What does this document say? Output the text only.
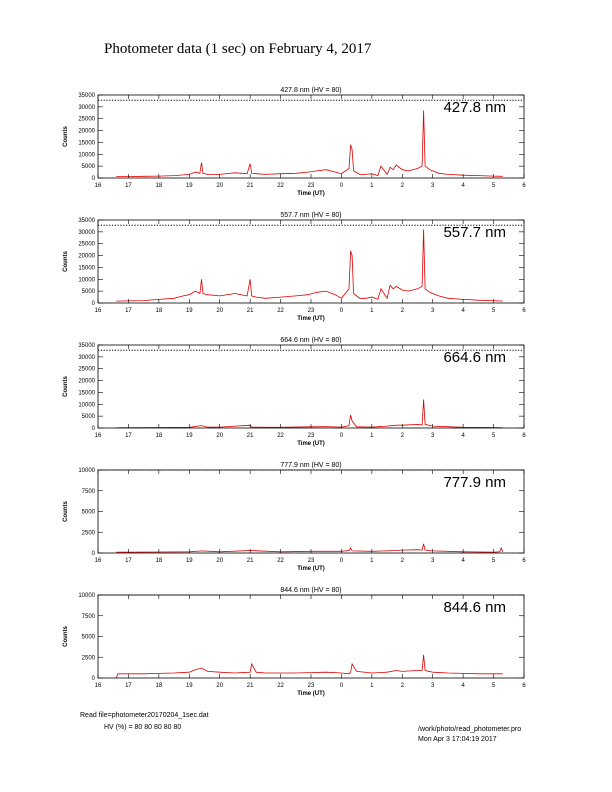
Photometer data (1 sec) on February 4, 2017
427.8 nm (HV = 80)
16	17	18	19	20	21	22	23	0	1	2	3	4	5	6
0
5000
10000
15000
20000
25000
30000
35000
Time (UT)
Counts
427.8 nm
557.7 nm (HV = 80)
16	17	18	19	20	21	22	23	0	1	2	3	4	5	6
0
5000
10000
15000
20000
25000
30000
35000
Time (UT)
Counts
557.7 nm
664.6 nm (HV = 80)
16	17	18	19	20	21	22	23	0	1	2	3	4	5	6
0
5000
10000
15000
20000
25000
30000
35000
Time (UT)
Counts
664.6 nm
777.9 nm (HV = 80)
16	17	18	19	20	21	22	23	0	1	2	3	4	5	6
0
2500
5000
7500
10000
Time (UT)
Counts
777.9 nm
844.6 nm (HV = 80)
16	17	18	19	20	21	22	23	0	1	2	3	4	5	6
0
2500
5000
7500
10000
Time (UT)
Counts
844.6 nm
Read file=photometer20170204_1sec.dat
HV (%) = 80 80 80 80 80	/work/photo/read_photometer.pro
Mon Apr 3 17:04:19 2017
